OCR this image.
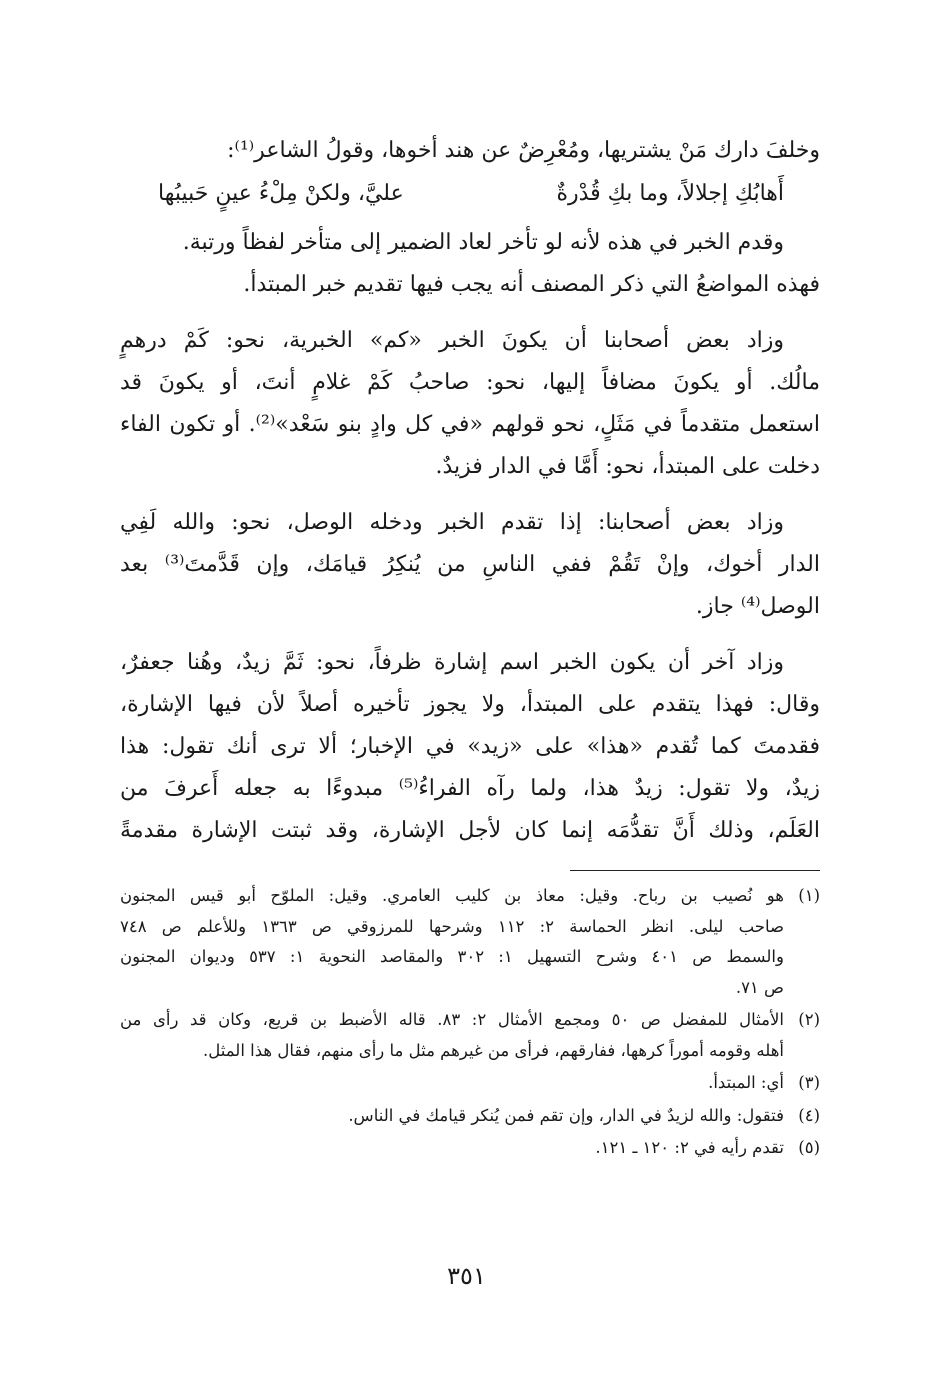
وخلفَ دارك مَنْ يشتريها، ومُعْرِضٌ عن هند أخوها، وقولُ الشاعر⁽¹⁾:
أَهابُكِ إجلالاً، وما بكِ قُدْرةٌ
عليَّ، ولكنْ مِلْءُ عينٍ حَبيبُها
وقدم الخبر في هذه لأنه لو تأخر لعاد الضمير إلى متأخر لفظاً ورتبة.
فهذه المواضعُ التي ذكر المصنف أنه يجب فيها تقديم خبر المبتدأ.
وزاد بعض أصحابنا أن يكونَ الخبر «كم» الخبرية، نحو: كَمْ درهمٍ
مالُك. أو يكونَ مضافاً إليها، نحو: صاحبُ كَمْ غلامٍ أنتَ، أو يكونَ قد
استعمل متقدماً في مَثَلٍ، نحو قولهم «في كل وادٍ بنو سَعْد»⁽²⁾. أو تكون الفاء
دخلت على المبتدأ، نحو: أَمَّا في الدار فزيدٌ.
وزاد بعض أصحابنا: إذا تقدم الخبر ودخله الوصل، نحو: والله لَفِي
الدار أخوك، وإنْ تَقُمْ ففي الناسِ من يُنكِرُ قيامَك، وإن قَدَّمتَ⁽³⁾ بعد
الوصل⁽⁴⁾ جاز.
وزاد آخر أن يكون الخبر اسم إشارة ظرفاً، نحو: ثَمَّ زيدٌ، وهُنا جعفرٌ،
وقال: فهذا يتقدم على المبتدأ، ولا يجوز تأخيره أصلاً لأن فيها الإشارة،
فقدمتَ كما تُقدم «هذا» على «زيد» في الإخبار؛ ألا ترى أنك تقول: هذا
زيدٌ، ولا تقول: زيدٌ هذا، ولما رآه الفراءُ⁽⁵⁾ مبدوءًا به جعله أَعرفَ من
العَلَم، وذلك أَنَّ تقدُّمَه إنما كان لأجل الإشارة، وقد ثبتت الإشارة مقدمةً
(١)
هو نُصيب بن رباح. وقيل: معاذ بن كليب العامري. وقيل: الملوّح أبو قيس المجنون
صاحب ليلى. انظر الحماسة ٢: ١١٢ وشرحها للمرزوقي ص ١٣٦٣ وللأعلم ص ٧٤٨
والسمط ص ٤٠١ وشرح التسهيل ١: ٣٠٢ والمقاصد النحوية ١: ٥٣٧ وديوان المجنون
ص ٧١.
(٢)
الأمثال للمفضل ص ٥٠ ومجمع الأمثال ٢: ٨٣. قاله الأضبط بن قريع، وكان قد رأى من
أهله وقومه أموراً كرهها، ففارقهم، فرأى من غيرهم مثل ما رأى منهم، فقال هذا المثل.
(٣)
أي: المبتدأ.
(٤)
فتقول: والله لزيدٌ في الدار، وإن تقم فمن يُنكر قيامك في الناس.
(٥)
تقدم رأيه في ٢: ١٢٠ ـ ١٢١.
٣٥١
